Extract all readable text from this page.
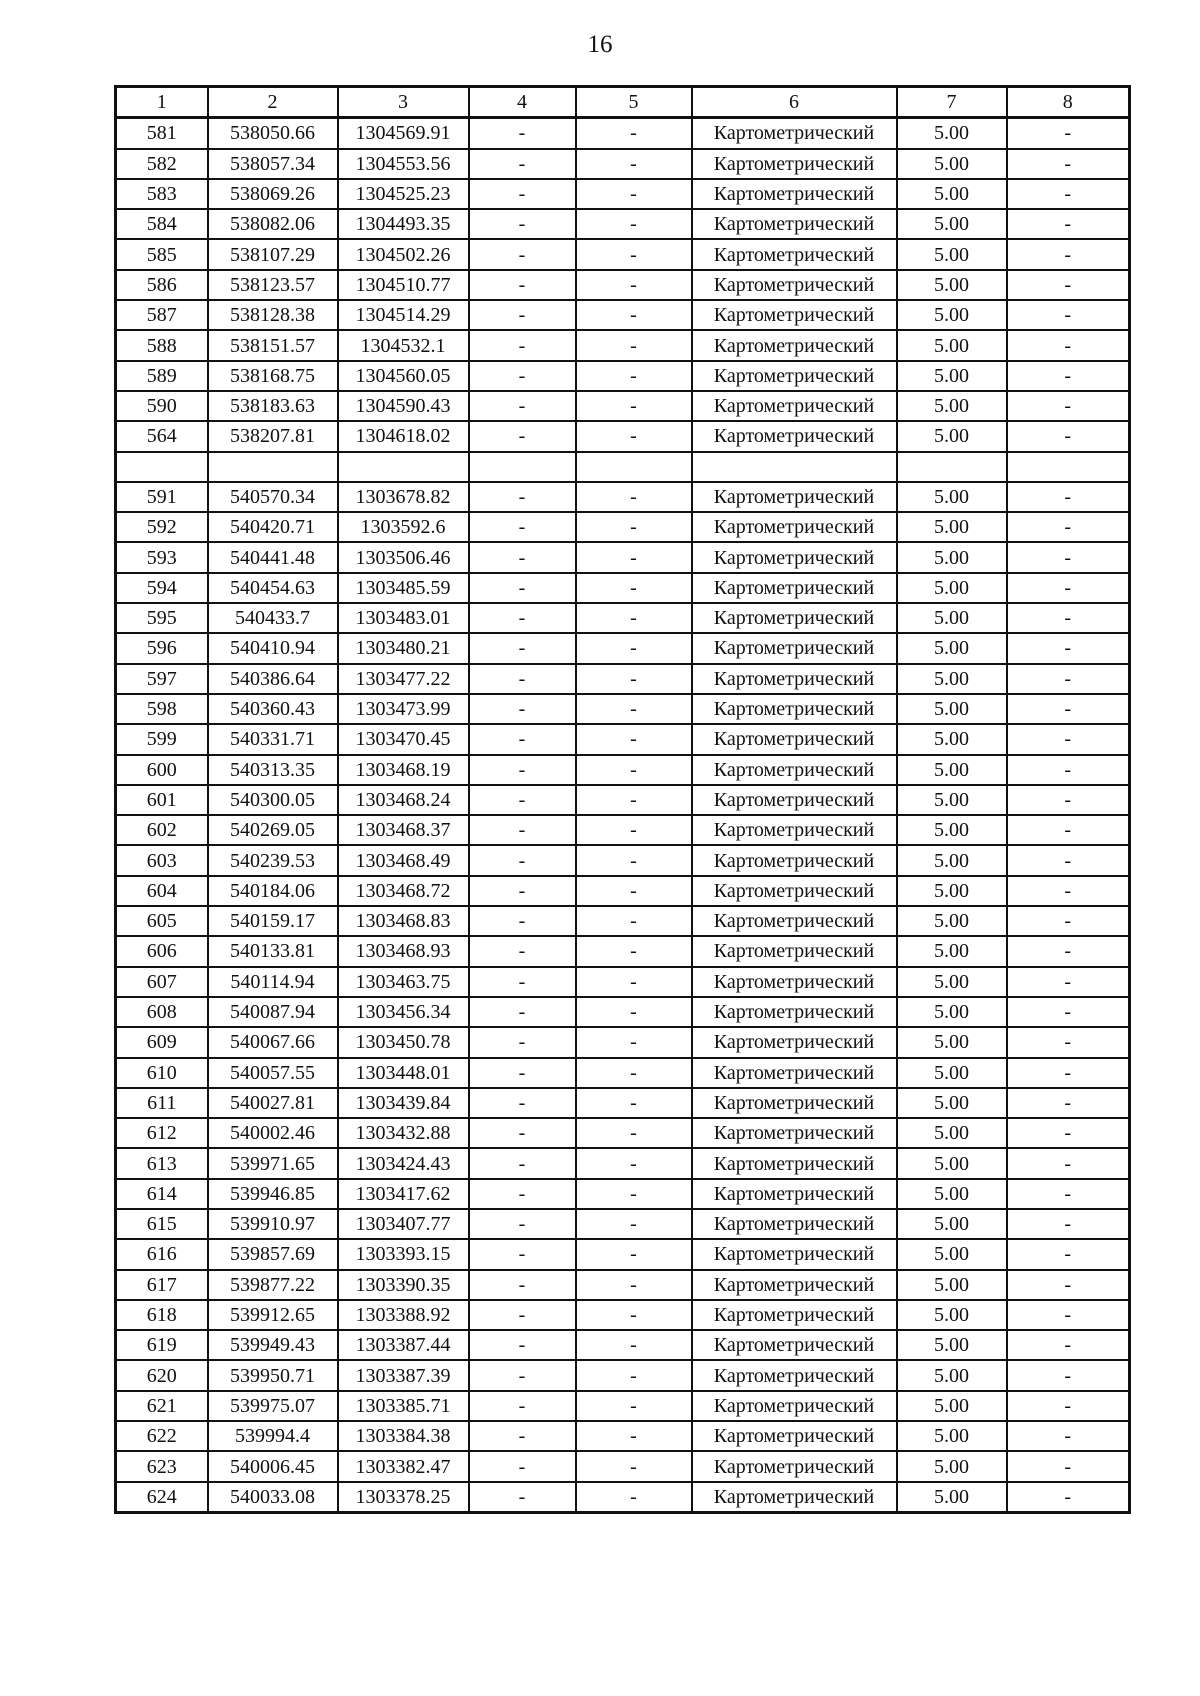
16
1	2	3	4	5	6	7	8
581	538050.66	1304569.91	-	-	Картометрический	5.00	-
582	538057.34	1304553.56	-	-	Картометрический	5.00	-
583	538069.26	1304525.23	-	-	Картометрический	5.00	-
584	538082.06	1304493.35	-	-	Картометрический	5.00	-
585	538107.29	1304502.26	-	-	Картометрический	5.00	-
586	538123.57	1304510.77	-	-	Картометрический	5.00	-
587	538128.38	1304514.29	-	-	Картометрический	5.00	-
588	538151.57	1304532.1	-	-	Картометрический	5.00	-
589	538168.75	1304560.05	-	-	Картометрический	5.00	-
590	538183.63	1304590.43	-	-	Картометрический	5.00	-
564	538207.81	1304618.02	-	-	Картометрический	5.00	-

591	540570.34	1303678.82	-	-	Картометрический	5.00	-
592	540420.71	1303592.6	-	-	Картометрический	5.00	-
593	540441.48	1303506.46	-	-	Картометрический	5.00	-
594	540454.63	1303485.59	-	-	Картометрический	5.00	-
595	540433.7	1303483.01	-	-	Картометрический	5.00	-
596	540410.94	1303480.21	-	-	Картометрический	5.00	-
597	540386.64	1303477.22	-	-	Картометрический	5.00	-
598	540360.43	1303473.99	-	-	Картометрический	5.00	-
599	540331.71	1303470.45	-	-	Картометрический	5.00	-
600	540313.35	1303468.19	-	-	Картометрический	5.00	-
601	540300.05	1303468.24	-	-	Картометрический	5.00	-
602	540269.05	1303468.37	-	-	Картометрический	5.00	-
603	540239.53	1303468.49	-	-	Картометрический	5.00	-
604	540184.06	1303468.72	-	-	Картометрический	5.00	-
605	540159.17	1303468.83	-	-	Картометрический	5.00	-
606	540133.81	1303468.93	-	-	Картометрический	5.00	-
607	540114.94	1303463.75	-	-	Картометрический	5.00	-
608	540087.94	1303456.34	-	-	Картометрический	5.00	-
609	540067.66	1303450.78	-	-	Картометрический	5.00	-
610	540057.55	1303448.01	-	-	Картометрический	5.00	-
611	540027.81	1303439.84	-	-	Картометрический	5.00	-
612	540002.46	1303432.88	-	-	Картометрический	5.00	-
613	539971.65	1303424.43	-	-	Картометрический	5.00	-
614	539946.85	1303417.62	-	-	Картометрический	5.00	-
615	539910.97	1303407.77	-	-	Картометрический	5.00	-
616	539857.69	1303393.15	-	-	Картометрический	5.00	-
617	539877.22	1303390.35	-	-	Картометрический	5.00	-
618	539912.65	1303388.92	-	-	Картометрический	5.00	-
619	539949.43	1303387.44	-	-	Картометрический	5.00	-
620	539950.71	1303387.39	-	-	Картометрический	5.00	-
621	539975.07	1303385.71	-	-	Картометрический	5.00	-
622	539994.4	1303384.38	-	-	Картометрический	5.00	-
623	540006.45	1303382.47	-	-	Картометрический	5.00	-
624	540033.08	1303378.25	-	-	Картометрический	5.00	-
